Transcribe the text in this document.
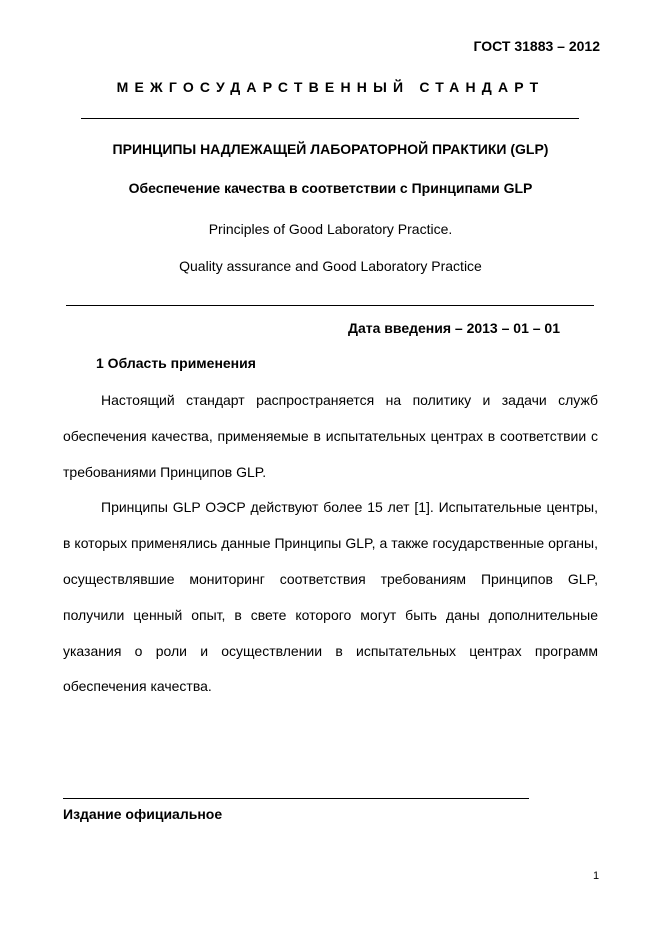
ГОСТ 31883 – 2012
МЕЖГОСУДАРСТВЕННЫЙ СТАНДАРТ
ПРИНЦИПЫ НАДЛЕЖАЩЕЙ ЛАБОРАТОРНОЙ ПРАКТИКИ (GLP)
Обеспечение качества в соответствии с Принципами GLP
Principles of Good Laboratory Practice.
Quality assurance and Good Laboratory Practice
Дата введения – 2013 – 01 – 01
1 Область применения

Настоящий стандарт распространяется на политику и задачи служб обеспечения качества, применяемые в испытательных центрах в соответствии с требованиями Принципов GLP.

Принципы GLP ОЭСР действуют более 15 лет [1]. Испытательные центры, в которых применялись данные Принципы GLP, а также государственные органы, осуществлявшие мониторинг соответствия требованиям Принципов GLP, получили ценный опыт, в свете которого могут быть даны дополнительные указания о роли и осуществлении в испытательных центрах программ обеспечения качества.

Издание официальное
1
